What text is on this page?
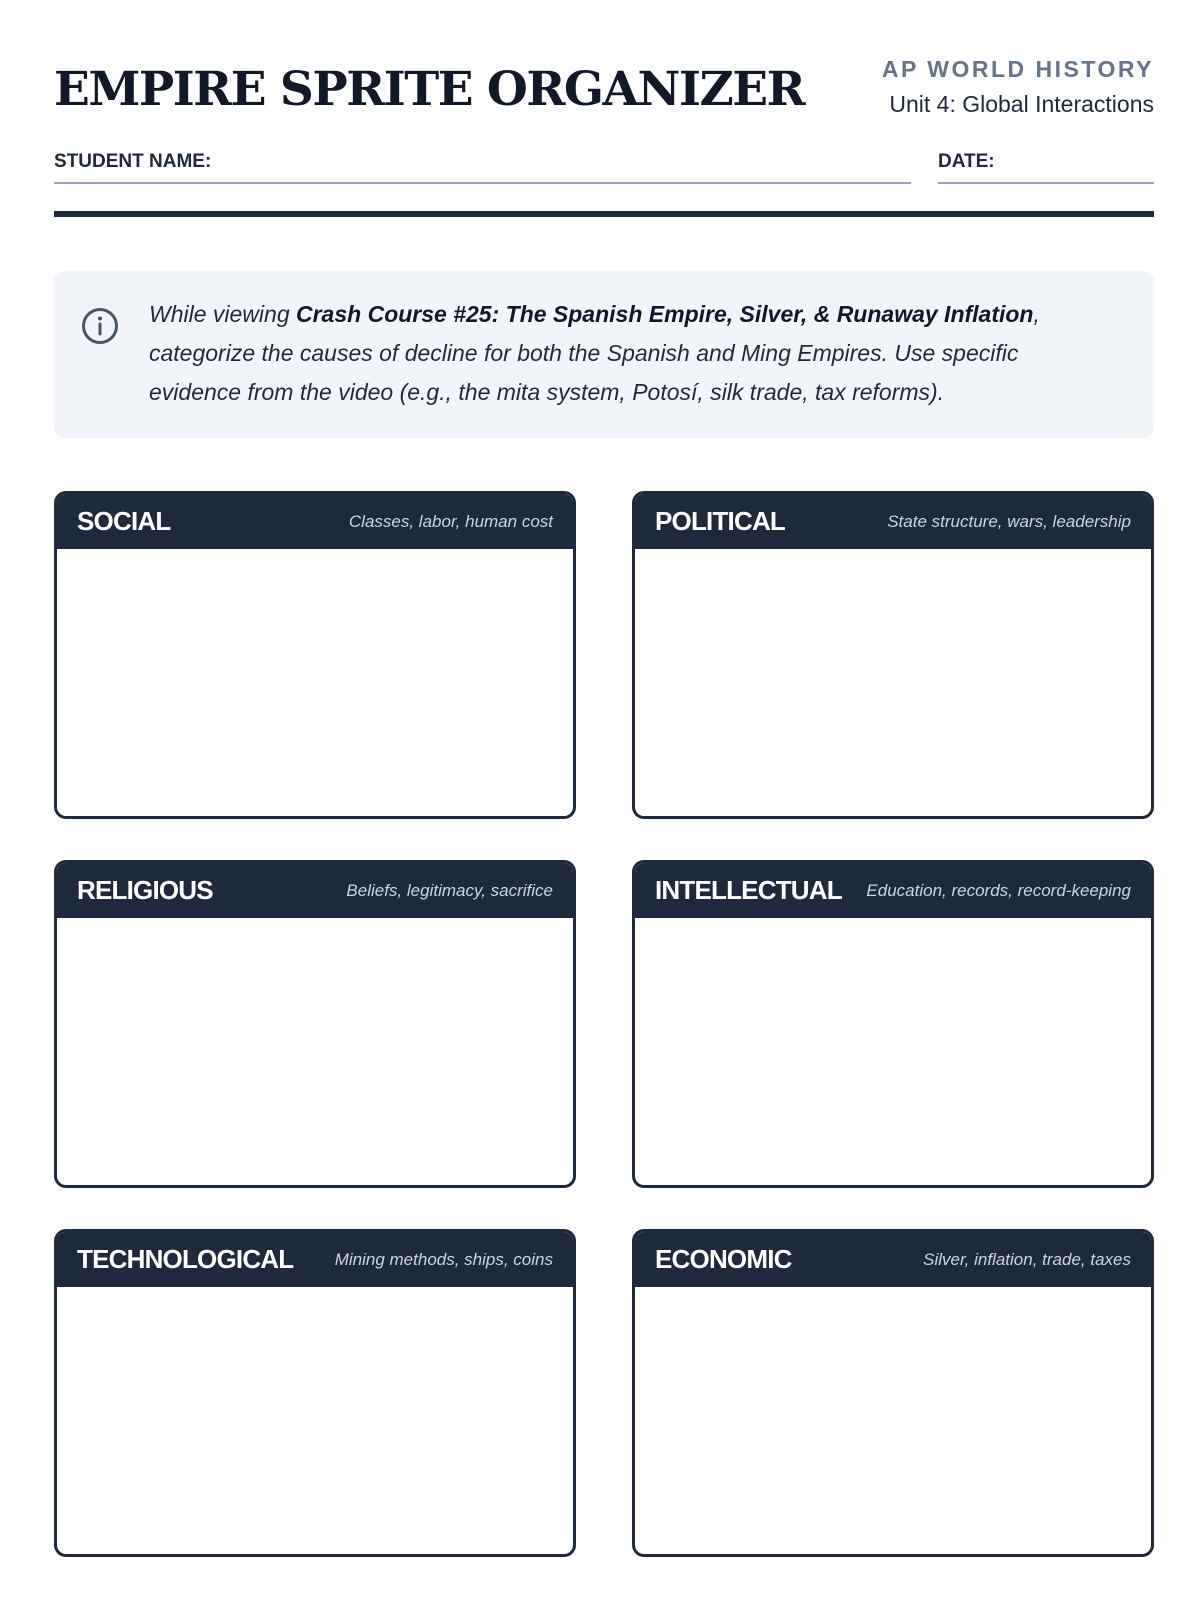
EMPIRE SPRITE ORGANIZER	AP WORLD HISTORY
Unit 4: Global Interactions
STUDENT NAME:	DATE:
While viewing Crash Course #25: The Spanish Empire, Silver, & Runaway Inflation, categorize the causes of decline for both the Spanish and Ming Empires. Use specific evidence from the video (e.g., the mita system, Potosí, silk trade, tax reforms).
SOCIAL	Classes, labor, human cost	POLITICAL	State structure, wars, leadership
RELIGIOUS	Beliefs, legitimacy, sacrifice	INTELLECTUAL Education, records, record-keeping
TECHNOLOGICAL Mining methods, ships, coins	ECONOMIC	Silver, inflation, trade, taxes
